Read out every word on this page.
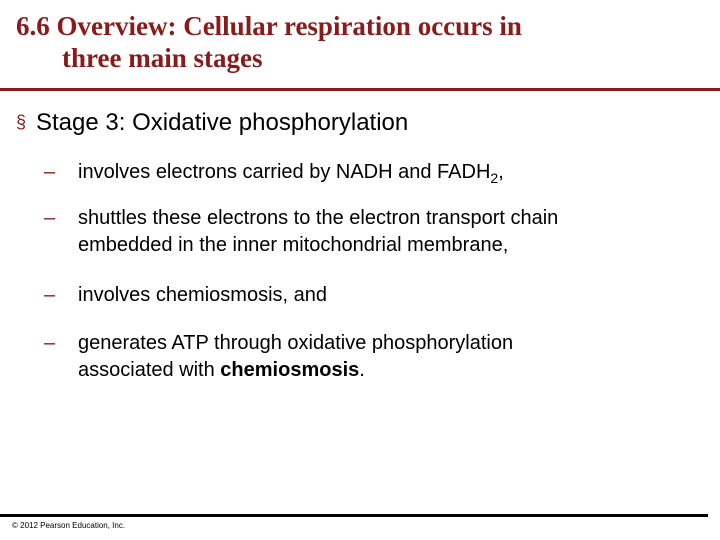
6.6 Overview: Cellular respiration occurs in
three main stages
§ Stage 3: Oxidative phosphorylation
–	involves electrons carried by NADH and $FADH_2$,
–	shuttles these electrons to the electron transport chain
embedded in the inner mitochondrial membrane,
–	involves chemiosmosis, and
–	generates ATP through oxidative phosphorylation
associated with chemiosmosis.
© 2012 Pearson Education, Inc.
